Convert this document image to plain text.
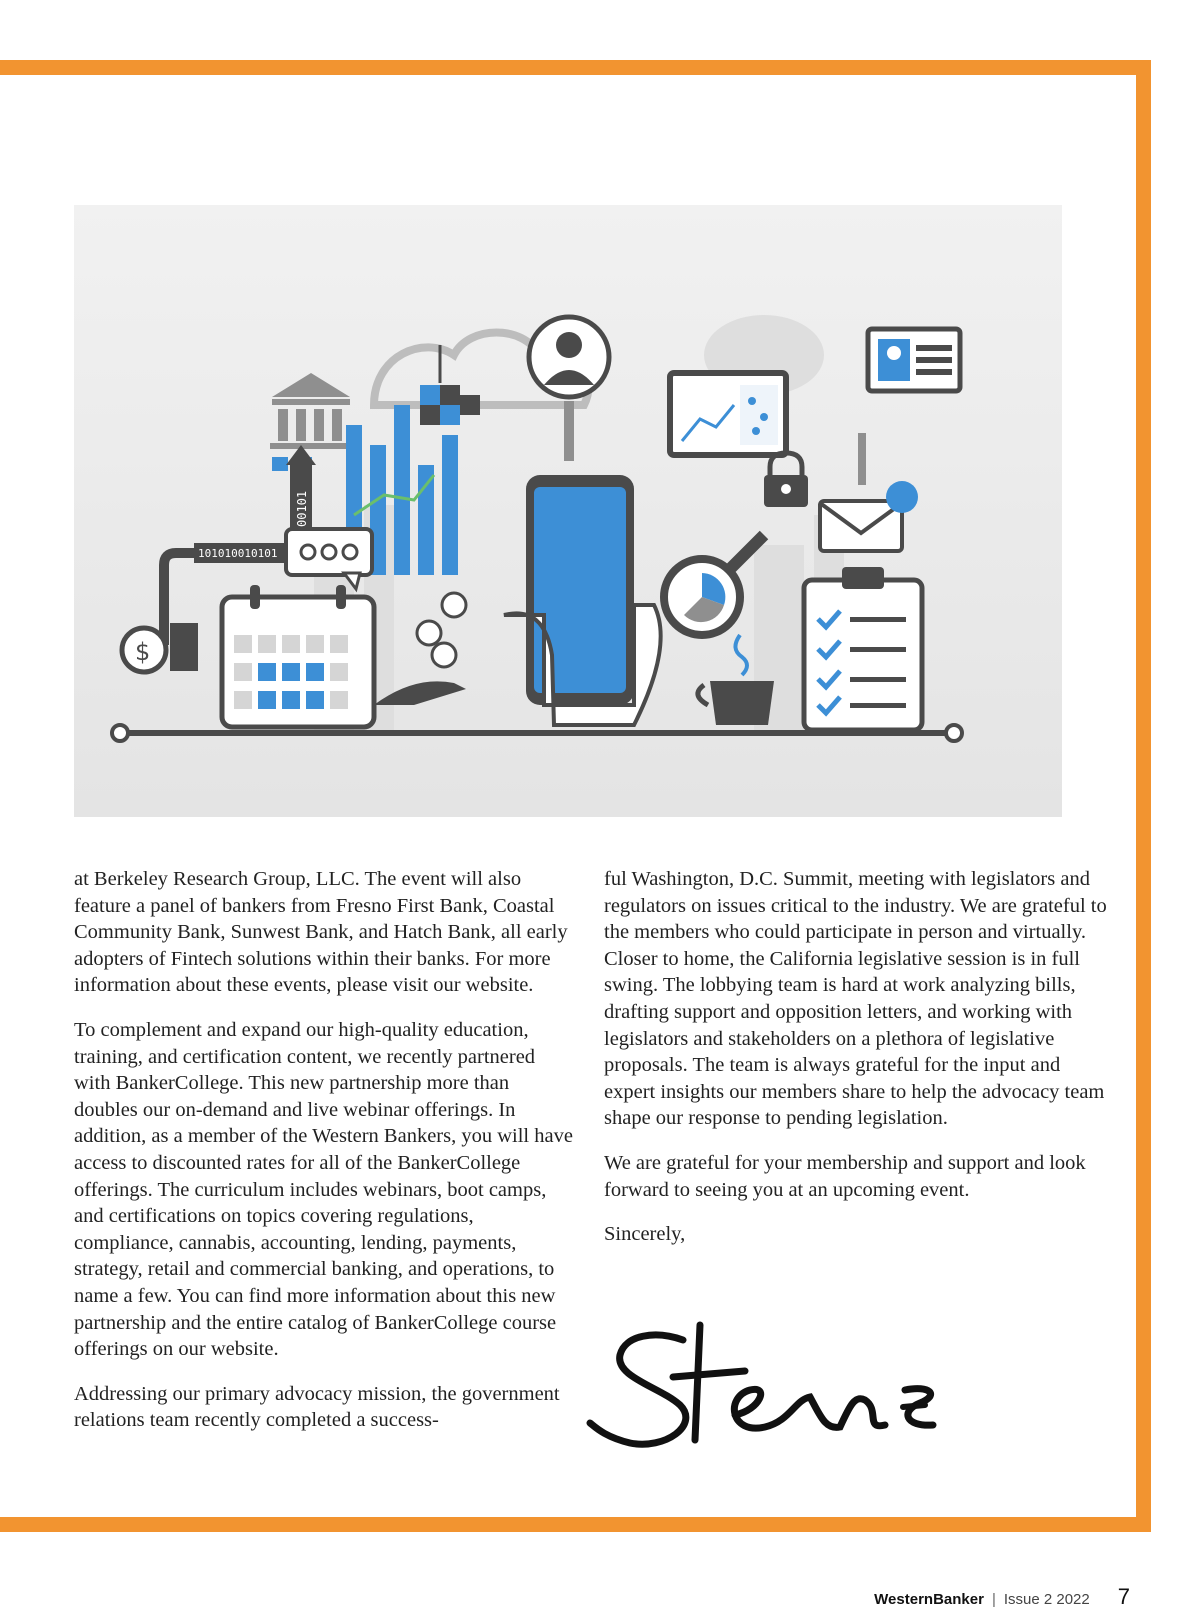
00101
101010010101
$

at Berkeley Research Group, LLC. The event will also feature a panel of bankers from Fresno First Bank, Coastal Community Bank, Sunwest Bank, and Hatch Bank, all early adopters of Fintech solutions within their banks. For more information about these events, please visit our website.

To complement and expand our high-quality education, training, and certification content, we recently partnered with BankerCollege. This new partnership more than doubles our on-demand and live webinar offerings. In addition, as a member of the Western Bankers, you will have access to discounted rates for all of the BankerCollege offerings. The curriculum includes webinars, boot camps, and certifications on topics covering regulations, compliance, cannabis, accounting, lending, payments, strategy, retail and commercial banking, and operations, to name a few. You can find more information about this new partnership and the entire catalog of BankerCollege course offerings on our website.

Addressing our primary advocacy mission, the government relations team recently completed a success-

ful Washington, D.C. Summit, meeting with legislators and regulators on issues critical to the industry. We are grateful to the members who could participate in person and virtually. Closer to home, the California legislative session is in full swing. The lobbying team is hard at work analyzing bills, drafting support and opposition letters, and working with legislators and stakeholders on a plethora of legislative proposals. The team is always grateful for the input and expert insights our members share to help the advocacy team shape our response to pending legislation.

We are grateful for your membership and support and look forward to seeing you at an upcoming event.

Sincerely,

WesternBanker | Issue 2 2022 7
